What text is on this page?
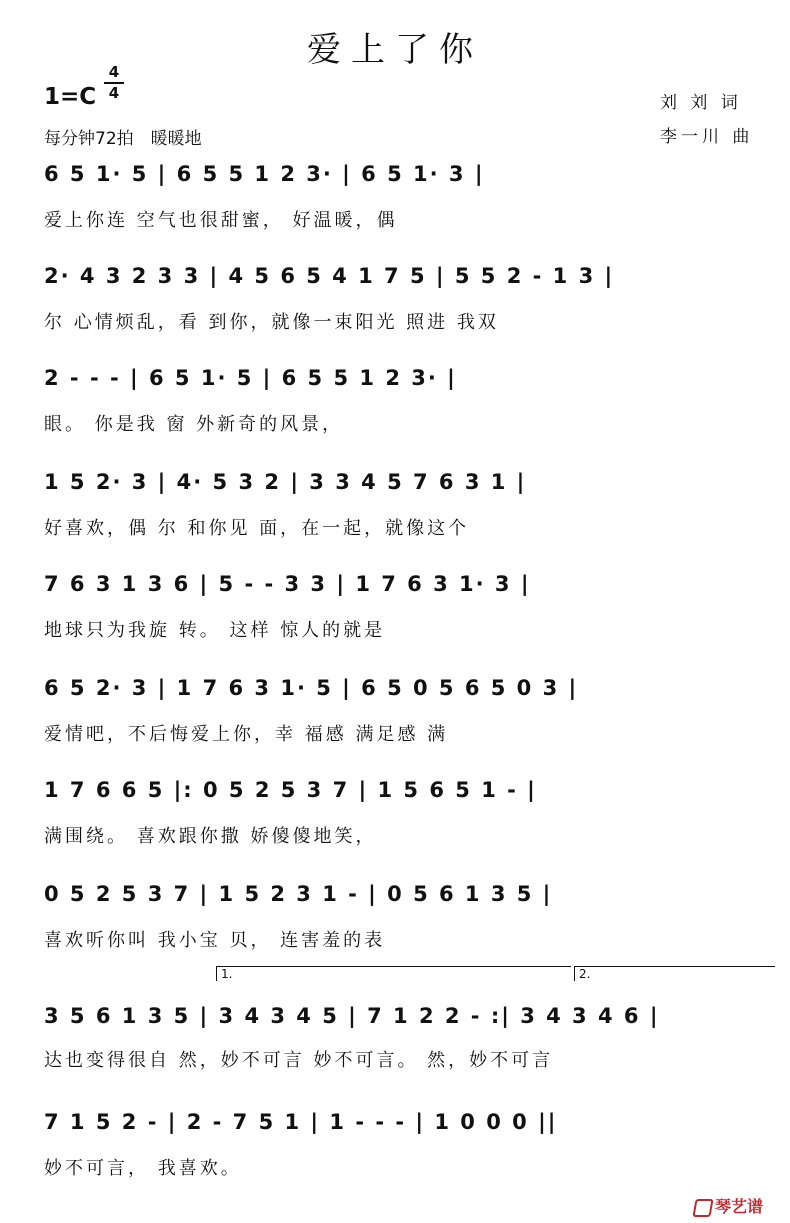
爱上了你
1=C
4
4
每分钟72拍　暖暖地
刘 刘 词
李一川 曲
6 5 1· 5 | 6 5 5 1 2 3· | 6 5 1· 3 |
爱上你连 空气也很甜蜜， 好温暖，偶
2· 4 3 2 3 3 | 4 5 6 5 4 1 7 5 | 5 5 2 - 1 3 |
尔 心情烦乱，看 到你，就像一束阳光 照进 我双
2 - - - | 6 5 1· 5 | 6 5 5 1 2 3· |
眼。 你是我 窗 外新奇的风景，
1 5 2· 3 | 4· 5 3 2 | 3 3 4 5 7 6 3 1 |
好喜欢，偶 尔 和你见 面，在一起，就像这个
7 6 3 1 3 6 | 5 - - 3 3 | 1 7 6 3 1· 3 |
地球只为我旋 转。 这样 惊人的就是
6 5 2· 3 | 1 7 6 3 1· 5 | 6 5 0 5 6 5 0 3 |
爱情吧，不后悔爱上你，幸 福感 满足感 满
1 7 6 6 5 |: 0 5 2 5 3 7 | 1 5 6 5 1 - |
满围绕。 喜欢跟你撒 娇傻傻地笑，
0 5 2 5 3 7 | 1 5 2 3 1 - | 0 5 6 1 3 5 |
喜欢听你叫 我小宝 贝， 连害羞的表
1.	2.
3 5 6 1 3 5 | 3 4 3 4 5 | 7 1 2 2 - :| 3 4 3 4 6 |
达也变得很自 然，妙不可言 妙不可言。 然，妙不可言
7 1 5 2 - | 2 - 7 5 1 | 1 - - - | 1 0 0 0 ||
妙不可言， 我喜欢。
琴艺谱
